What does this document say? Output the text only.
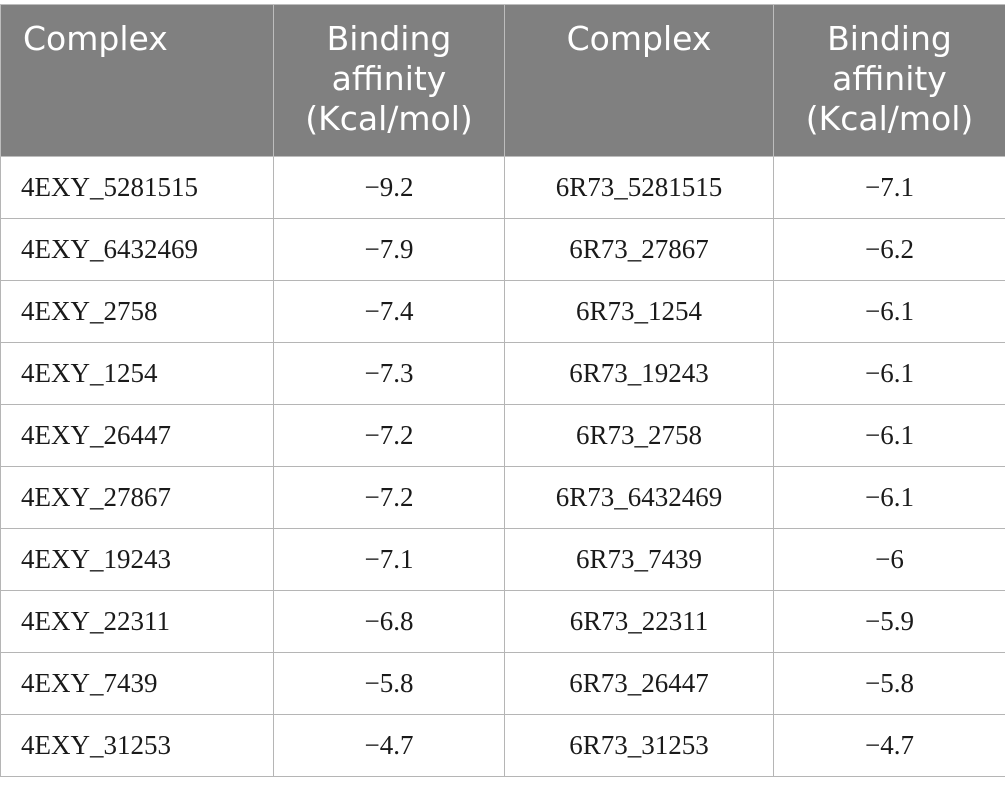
Complex	Binding affinity (Kcal/mol)	Complex	Binding affinity (Kcal/mol)
4EXY_5281515	−9.2	6R73_5281515	−7.1
4EXY_6432469	−7.9	6R73_27867	−6.2
4EXY_2758	−7.4	6R73_1254	−6.1
4EXY_1254	−7.3	6R73_19243	−6.1
4EXY_26447	−7.2	6R73_2758	−6.1
4EXY_27867	−7.2	6R73_6432469	−6.1
4EXY_19243	−7.1	6R73_7439	−6
4EXY_22311	−6.8	6R73_22311	−5.9
4EXY_7439	−5.8	6R73_26447	−5.8
4EXY_31253	−4.7	6R73_31253	−4.7
